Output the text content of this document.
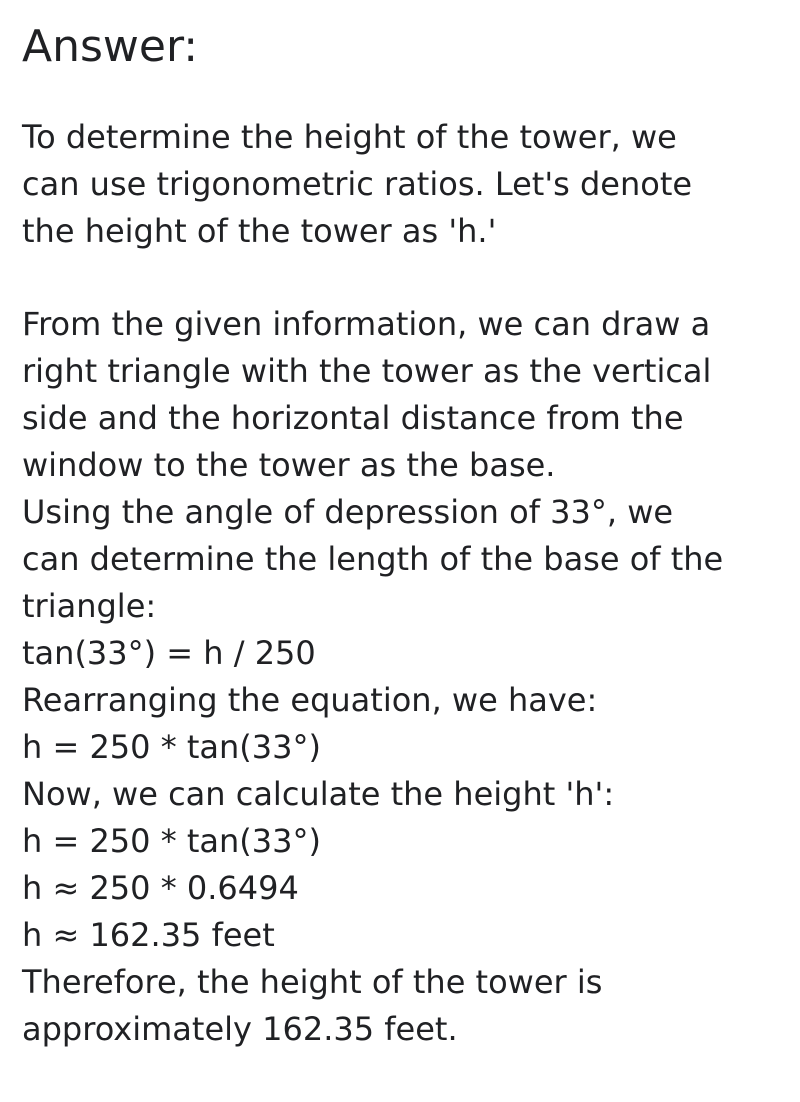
Answer:

To determine the height of the tower, we

can use trigonometric ratios. Let's denote

the height of the tower as 'h.'

From the given information, we can draw a

right triangle with the tower as the vertical

side and the horizontal distance from the

window to the tower as the base.

Using the angle of depression of 33°, we

can determine the length of the base of the

triangle:

tan(33°) = h / 250

Rearranging the equation, we have:

h = 250 * tan(33°)

Now, we can calculate the height 'h':

h = 250 * tan(33°)

h ≈ 250 * 0.6494

h ≈ 162.35 feet

Therefore, the height of the tower is

approximately 162.35 feet.
